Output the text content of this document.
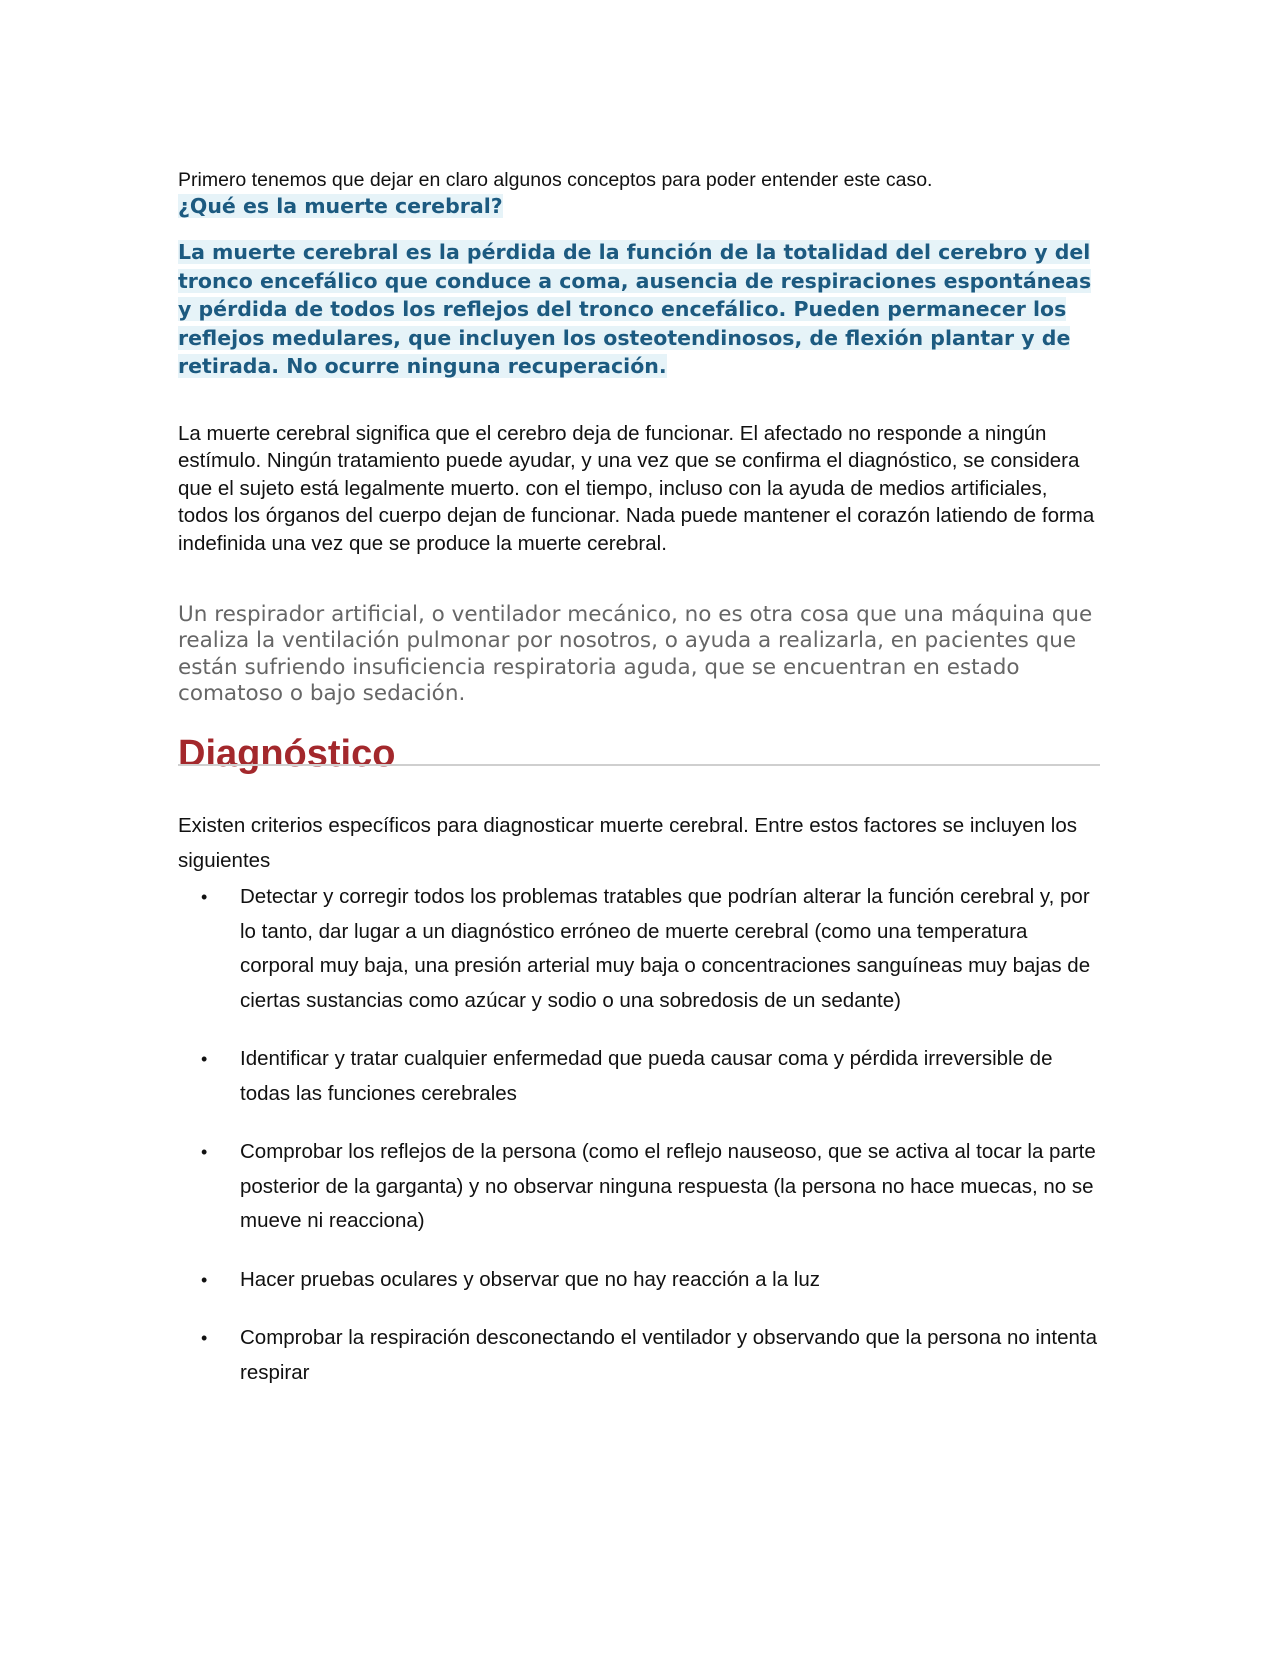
Primero tenemos que dejar en claro algunos conceptos para poder entender este caso.

¿Qué es la muerte cerebral?
La muerte cerebral es la pérdida de la función de la totalidad del cerebro y del tronco encefálico que conduce a coma, ausencia de respiraciones espontáneas y pérdida de todos los reflejos del tronco encefálico. Pueden permanecer los reflejos medulares, que incluyen los osteotendinosos, de flexión plantar y de retirada. No ocurre ninguna recuperación.

La muerte cerebral significa que el cerebro deja de funcionar. El afectado no responde a ningún estímulo. Ningún tratamiento puede ayudar, y una vez que se confirma el diagnóstico, se considera que el sujeto está legalmente muerto. con el tiempo, incluso con la ayuda de medios artificiales, todos los órganos del cuerpo dejan de funcionar. Nada puede mantener el corazón latiendo de forma indefinida una vez que se produce la muerte cerebral.

Un respirador artificial, o ventilador mecánico, no es otra cosa que una máquina que realiza la ventilación pulmonar por nosotros, o ayuda a realizarla, en pacientes que están sufriendo insuficiencia respiratoria aguda, que se encuentran en estado comatoso o bajo sedación.

Diagnóstico

Existen criterios específicos para diagnosticar muerte cerebral. Entre estos factores se incluyen los siguientes

• Detectar y corregir todos los problemas tratables que podrían alterar la función cerebral y, por lo tanto, dar lugar a un diagnóstico erróneo de muerte cerebral (como una temperatura corporal muy baja, una presión arterial muy baja o concentraciones sanguíneas muy bajas de ciertas sustancias como azúcar y sodio o una sobredosis de un sedante)
• Identificar y tratar cualquier enfermedad que pueda causar coma y pérdida irreversible de todas las funciones cerebrales
• Comprobar los reflejos de la persona (como el reflejo nauseoso, que se activa al tocar la parte posterior de la garganta) y no observar ninguna respuesta (la persona no hace muecas, no se mueve ni reacciona)
• Hacer pruebas oculares y observar que no hay reacción a la luz
• Comprobar la respiración desconectando el ventilador y observando que la persona no intenta respirar
